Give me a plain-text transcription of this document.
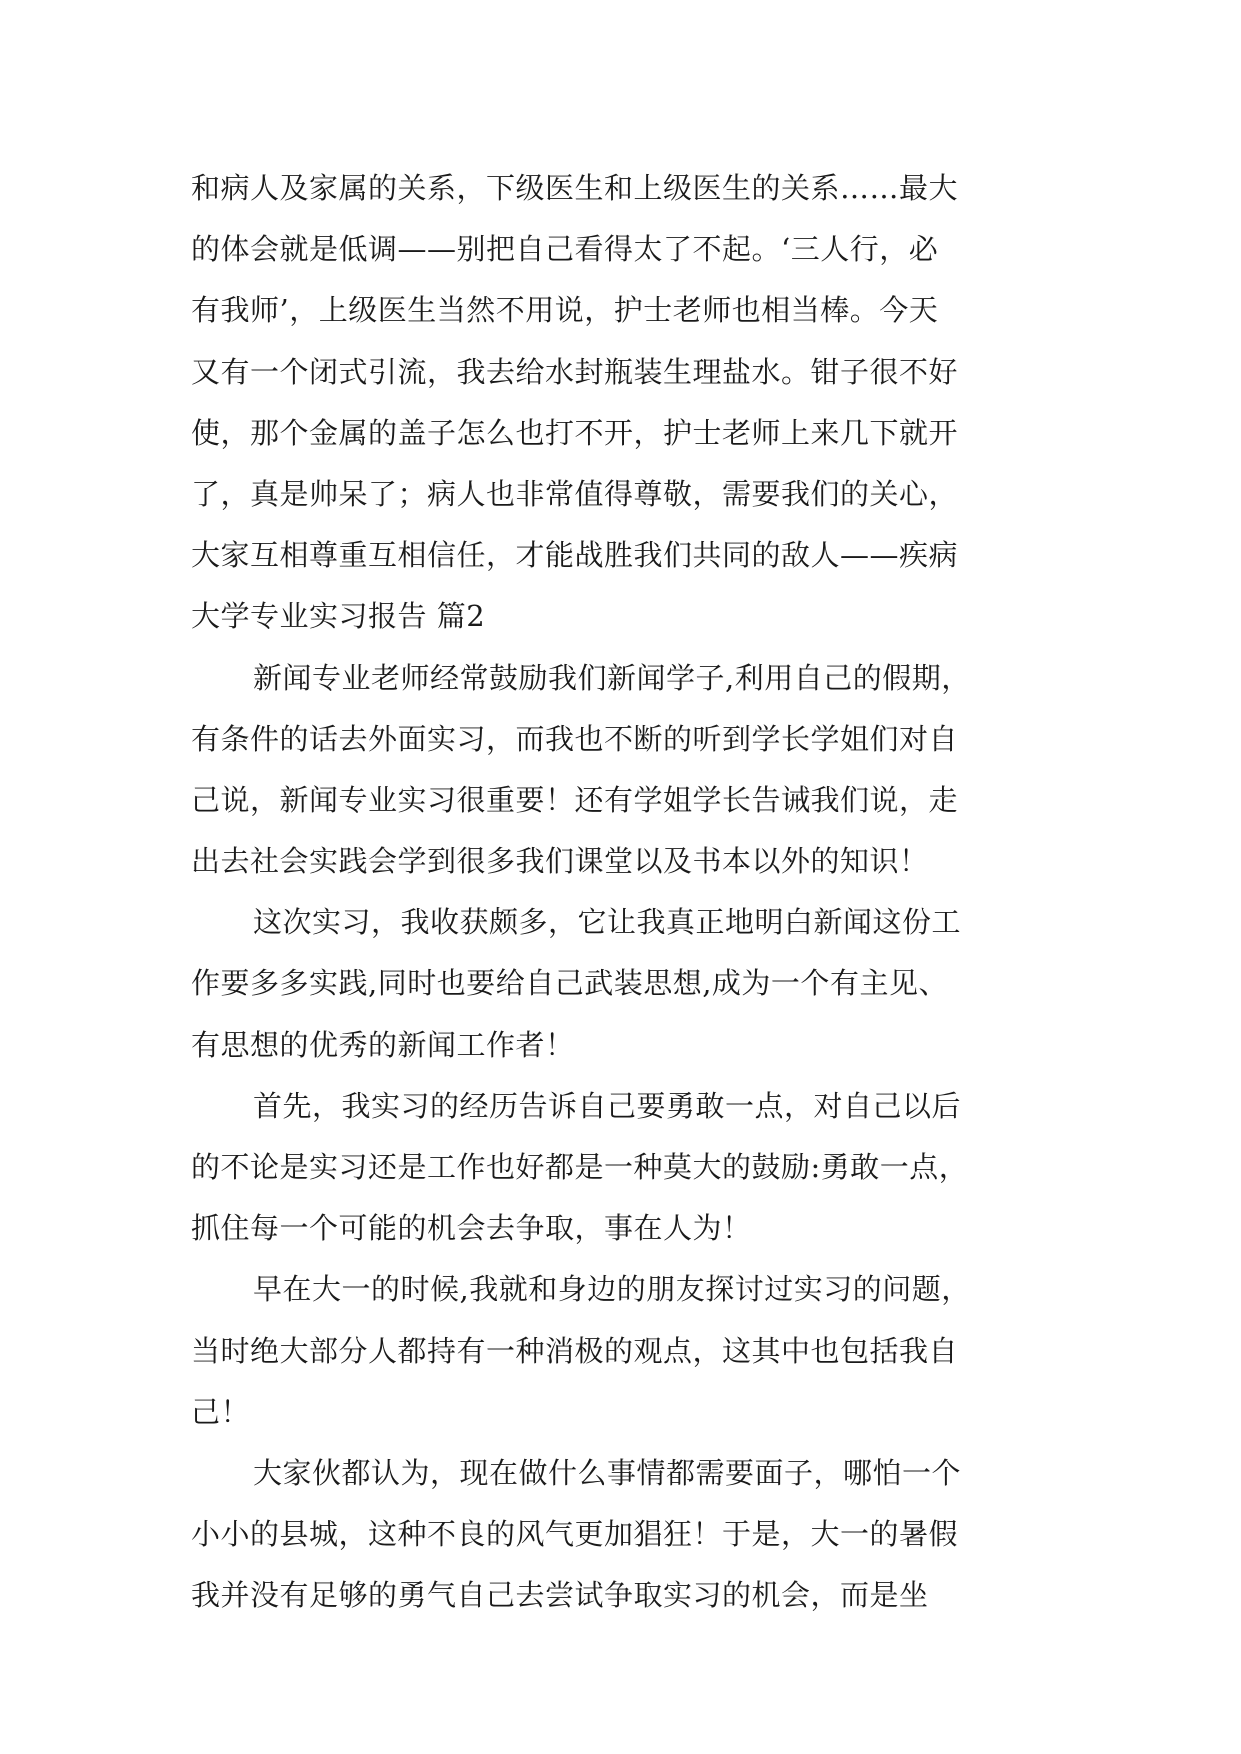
和病人及家属的关系，下级医生和上级医生的关系……最大
的体会就是低调——别把自己看得太了不起。‘三人行，必
有我师’，上级医生当然不用说，护士老师也相当棒。今天
又有一个闭式引流，我去给水封瓶装生理盐水。钳子很不好
使，那个金属的盖子怎么也打不开，护士老师上来几下就开
了，真是帅呆了；病人也非常值得尊敬，需要我们的关心，
大家互相尊重互相信任，才能战胜我们共同的敌人——疾病
大学专业实习报告 篇2
新闻专业老师经常鼓励我们新闻学子,利用自己的假期，
有条件的话去外面实习，而我也不断的听到学长学姐们对自
己说，新闻专业实习很重要！还有学姐学长告诫我们说，走
出去社会实践会学到很多我们课堂以及书本以外的知识！
这次实习，我收获颇多，它让我真正地明白新闻这份工
作要多多实践,同时也要给自己武装思想,成为一个有主见、
有思想的优秀的新闻工作者！
首先，我实习的经历告诉自己要勇敢一点，对自己以后
的不论是实习还是工作也好都是一种莫大的鼓励:勇敢一点，
抓住每一个可能的机会去争取，事在人为！
早在大一的时候,我就和身边的朋友探讨过实习的问题，
当时绝大部分人都持有一种消极的观点，这其中也包括我自
己！
大家伙都认为，现在做什么事情都需要面子，哪怕一个
小小的县城，这种不良的风气更加猖狂！于是，大一的暑假
我并没有足够的勇气自己去尝试争取实习的机会，而是坐
